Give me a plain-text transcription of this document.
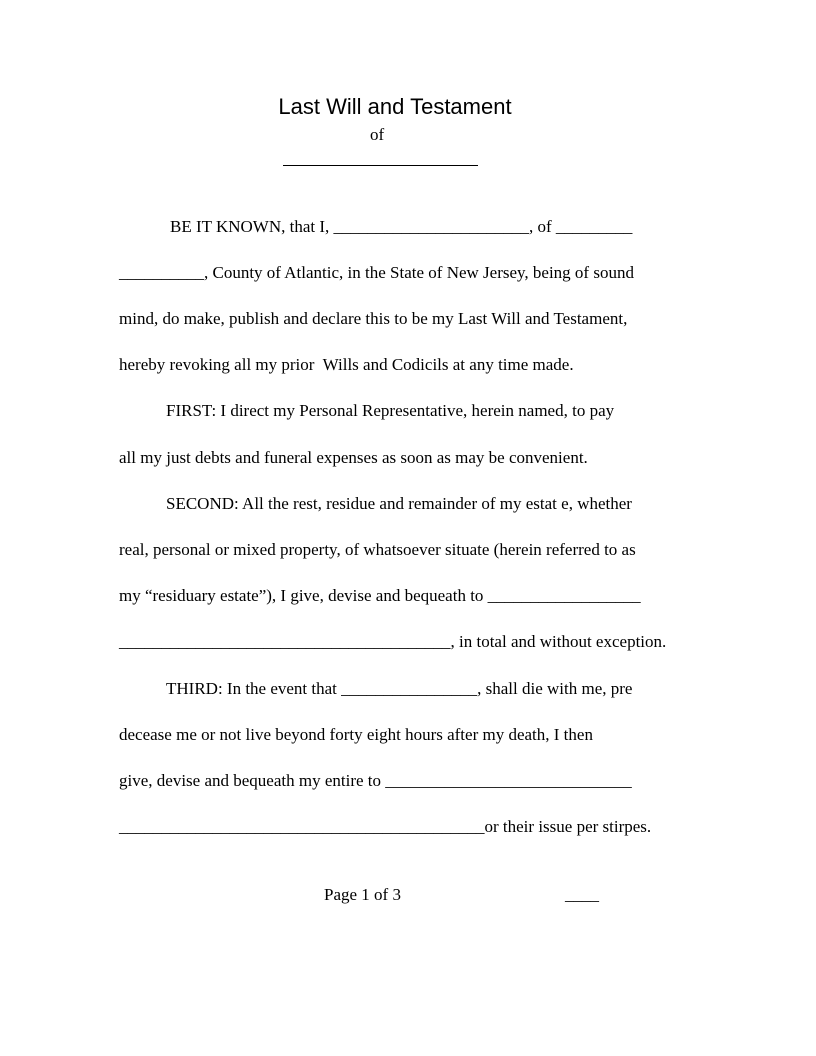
Last Will and Testament
of
BE IT KNOWN, that I, _______________________, of _________
__________, County of Atlantic, in the State of New Jersey, being of sound
mind, do make, publish and declare this to be my Last Will and Testament,
hereby revoking all my prior  Wills and Codicils at any time made.
FIRST: I direct my Personal Representative, herein named, to pay
all my just debts and funeral expenses as soon as may be convenient.
SECOND: All the rest, residue and remainder of my estat e, whether
real, personal or mixed property, of whatsoever situate (herein referred to as
my “residuary estate”), I give, devise and bequeath to __________________
_______________________________________, in total and without exception.
THIRD: In the event that ________________, shall die with me, pre
decease me or not live beyond forty eight hours after my death, I then
give, devise and bequeath my entire to _____________________________
___________________________________________or their issue per stirpes.
Page 1 of 3	____
